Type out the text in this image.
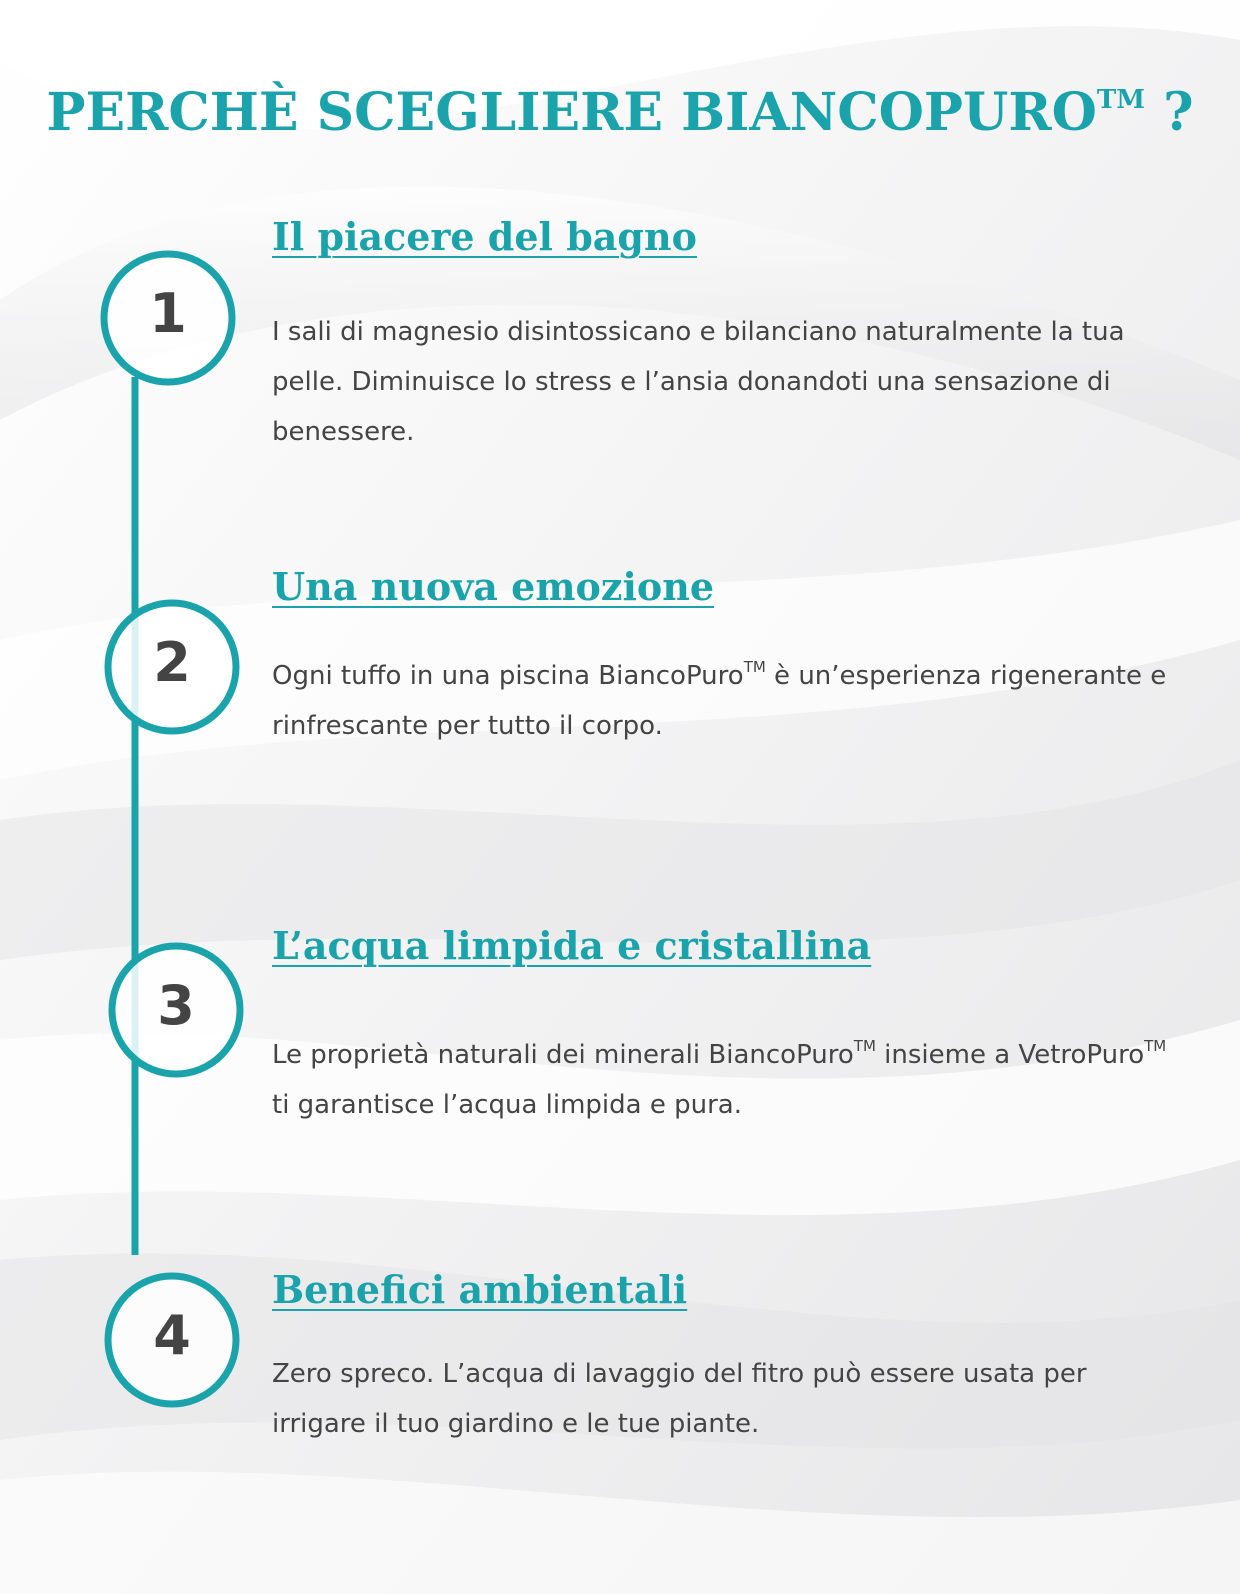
PERCHÈ SCEGLIERE BIANCOPURO™ ?
1
2
3
4
Il piacere del bagno

I sali di magnesio disintossicano e bilanciano naturalmente la tua pelle. Diminuisce lo stress e l’ansia donandoti una sensazione di benessere.

Una nuova emozione

Ogni tuffo in una piscina BiancoPuro™ è un’esperienza rigenerante e rinfrescante per tutto il corpo.

L’acqua limpida e cristallina

Le proprietà naturali dei minerali BiancoPuro™ insieme a VetroPuro™ ti garantisce l’acqua limpida e pura.

Benefici ambientali

Zero spreco. L’acqua di lavaggio del fitro può essere usata per irrigare il tuo giardino e le tue piante.
